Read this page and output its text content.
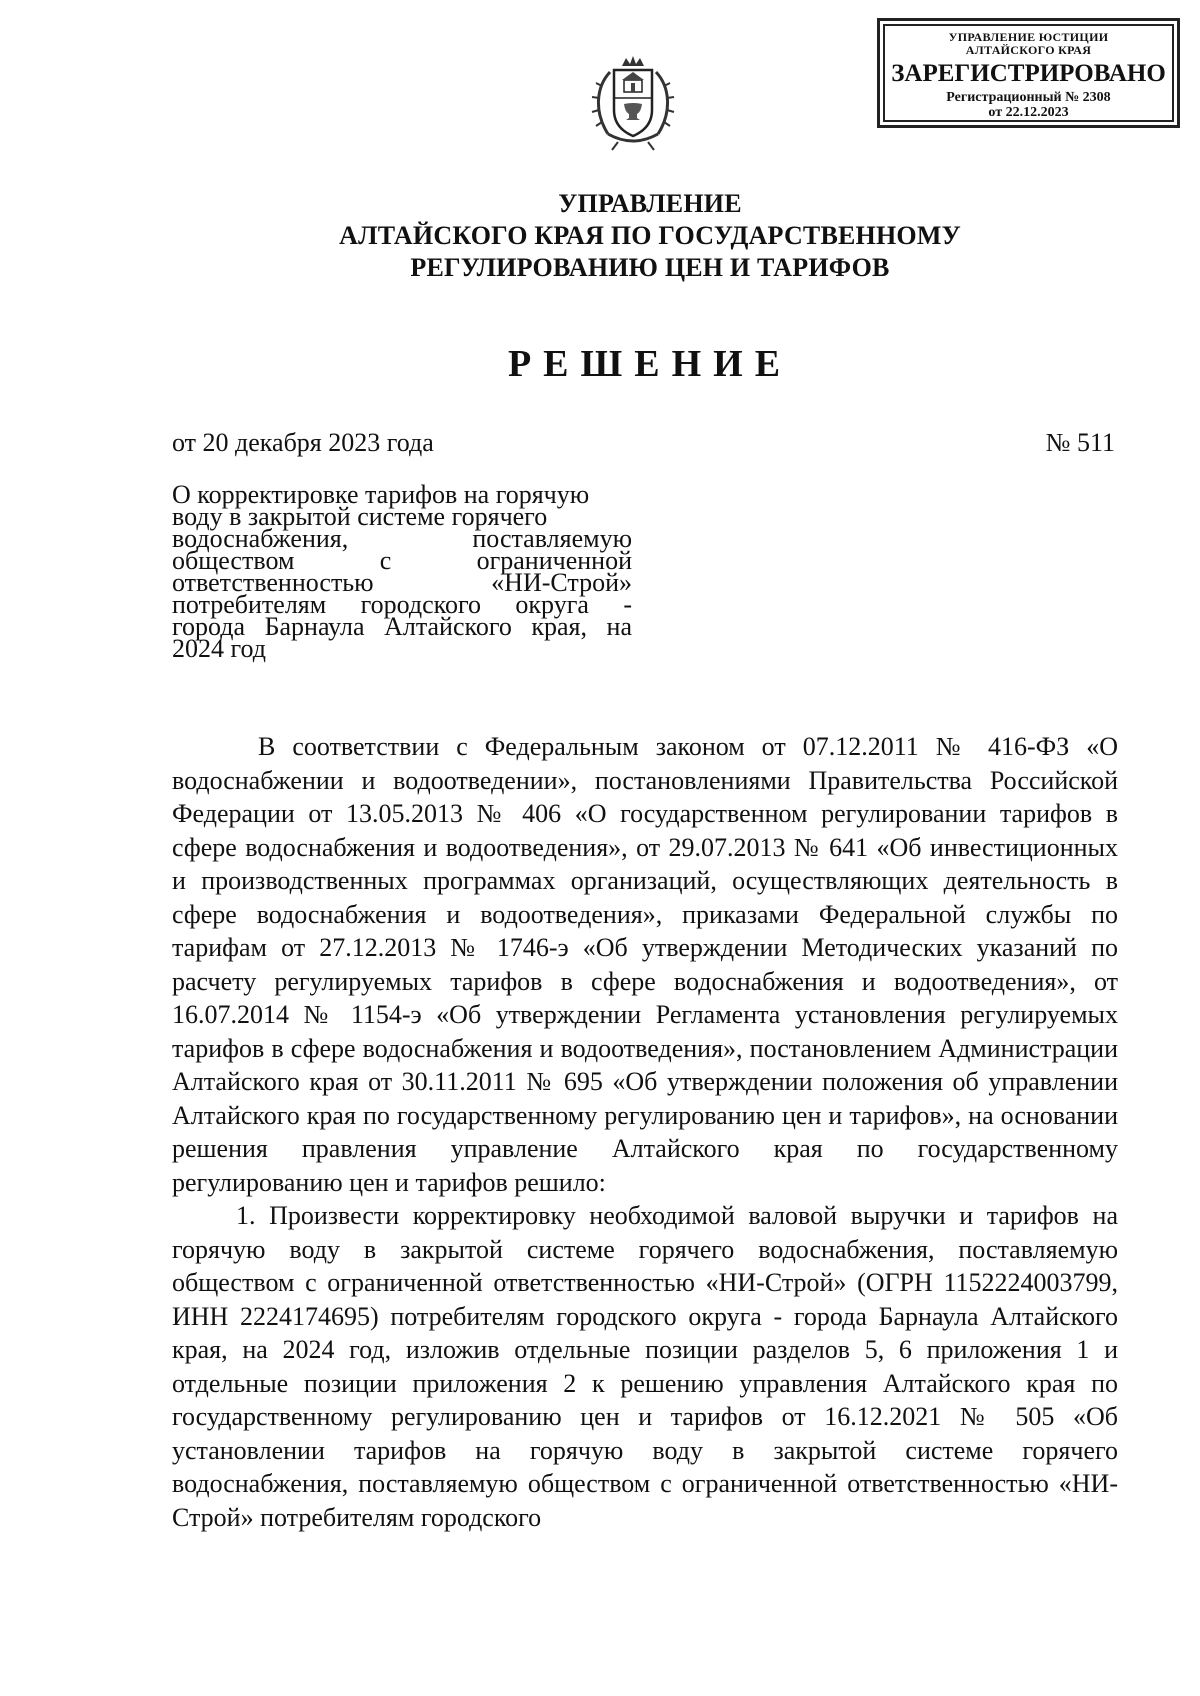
УПРАВЛЕНИЕ ЮСТИЦИИ
АЛТАЙСКОГО КРАЯ
ЗАРЕГИСТРИРОВАНО
Регистрационный № 2308
от 22.12.2023
УПРАВЛЕНИЕ
АЛТАЙСКОГО КРАЯ ПО ГОСУДАРСТВЕННОМУ
РЕГУЛИРОВАНИЮ ЦЕН И ТАРИФОВ
РЕШЕНИЕ
от 20 декабря 2023 года	№ 511
О корректировке тарифов на горячую
воду в закрытой системе горячего
водоснабжения, поставляемую
обществом с ограниченной
ответственностью «НИ-Строй»
потребителям городского округа -
города Барнаула Алтайского края, на
2024 год

В соответствии с Федеральным законом от 07.12.2011 № 416-ФЗ «О водоснабжении и водоотведении», постановлениями Правительства Российской Федерации от 13.05.2013 № 406 «О государственном регулировании тарифов в сфере водоснабжения и водоотведения», от 29.07.2013 № 641 «Об инвестиционных и производственных программах организаций, осуществляющих деятельность в сфере водоснабжения и водоотведения», приказами Федеральной службы по тарифам от 27.12.2013 № 1746-э «Об утверждении Методических указаний по расчету регулируемых тарифов в сфере водоснабжения и водоотведения», от 16.07.2014 № 1154-э «Об утверждении Регламента установления регулируемых тарифов в сфере водоснабжения и водоотведения», постановлением Администрации Алтайского края от 30.11.2011 № 695 «Об утверждении положения об управлении Алтайского края по государственному регулированию цен и тарифов», на основании решения правления управление Алтайского края по государственному регулированию цен и тарифов решило:

1. Произвести корректировку необходимой валовой выручки и тарифов на горячую воду в закрытой системе горячего водоснабжения, поставляемую обществом с ограниченной ответственностью «НИ-Строй» (ОГРН 1152224003799, ИНН 2224174695) потребителям городского округа - города Барнаула Алтайского края, на 2024 год, изложив отдельные позиции разделов 5, 6 приложения 1 и отдельные позиции приложения 2 к решению управления Алтайского края по государственному регулированию цен и тарифов от 16.12.2021 № 505 «Об установлении тарифов на горячую воду в закрытой системе горячего водоснабжения, поставляемую обществом с ограниченной ответственностью «НИ-Строй» потребителям городского
